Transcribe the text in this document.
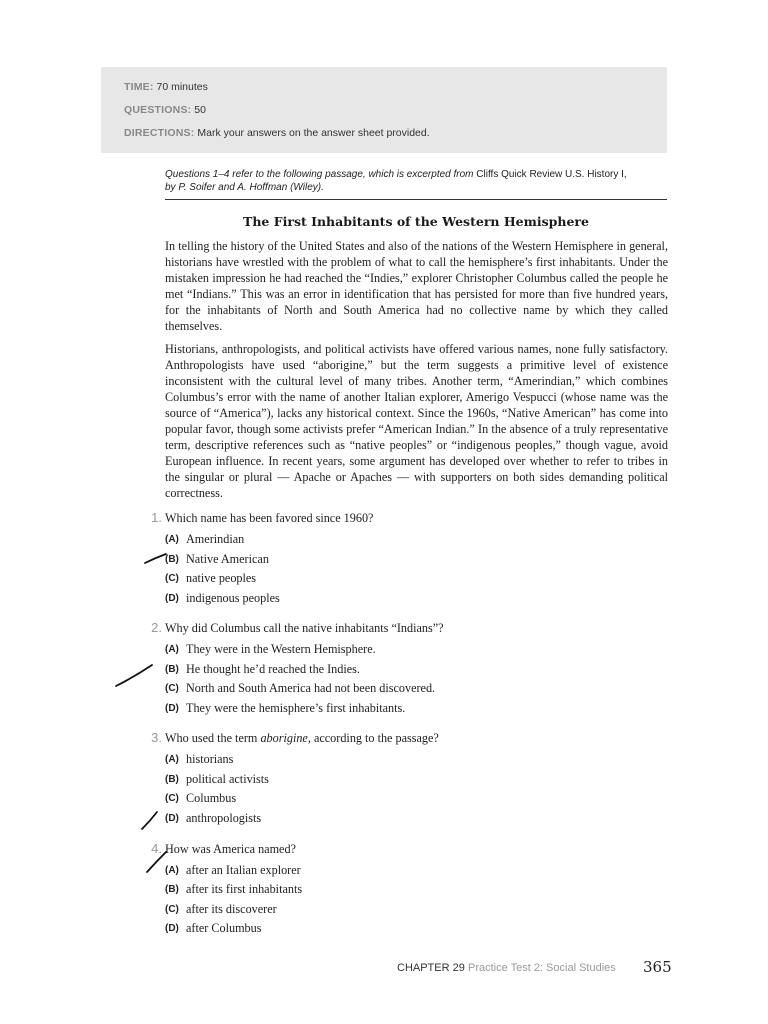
TIME: 70 minutes
QUESTIONS: 50
DIRECTIONS: Mark your answers on the answer sheet provided.
Questions 1–4 refer to the following passage, which is excerpted from Cliffs Quick Review U.S. History I,
by P. Soifer and A. Hoffman (Wiley).
The First Inhabitants of the Western Hemisphere

In telling the history of the United States and also of the nations of the Western Hemisphere in general, historians have wrestled with the problem of what to call the hemisphere’s first inhabitants. Under the mistaken impression he had reached the “Indies,” explorer Christopher Columbus called the people he met “Indians.” This was an error in identification that has persisted for more than five hundred years, for the inhabitants of North and South America had no collective name by which they called themselves.

Historians, anthropologists, and political activists have offered various names, none fully satisfactory. Anthropologists have used “aborigine,” but the term suggests a primitive level of existence inconsistent with the cultural level of many tribes. Another term, “Amerindian,” which combines Columbus’s error with the name of another Italian explorer, Amerigo Vespucci (whose name was the source of “America”), lacks any historical context. Since the 1960s, “Native American” has come into popular favor, though some activists prefer “American Indian.” In the absence of a truly representative term, descriptive references such as “native peoples” or “indigenous peoples,” though vague, avoid European influence. In recent years, some argument has developed over whether to refer to tribes in the singular or plural — Apache or Apaches — with supporters on both sides demanding political correctness.

1. Which name has been favored since 1960?
(A) Amerindian
(B) Native American
(C) native peoples
(D) indigenous peoples
2. Why did Columbus call the native inhabitants “Indians”?
(A) They were in the Western Hemisphere.
(B) He thought he’d reached the Indies.
(C) North and South America had not been discovered.
(D) They were the hemisphere’s first inhabitants.
3. Who used the term aborigine, according to the passage?
(A) historians
(B) political activists
(C) Columbus
(D) anthropologists
4. How was America named?
(A) after an Italian explorer
(B) after its first inhabitants
(C) after its discoverer
(D) after Columbus
CHAPTER 29 Practice Test 2: Social Studies 365
